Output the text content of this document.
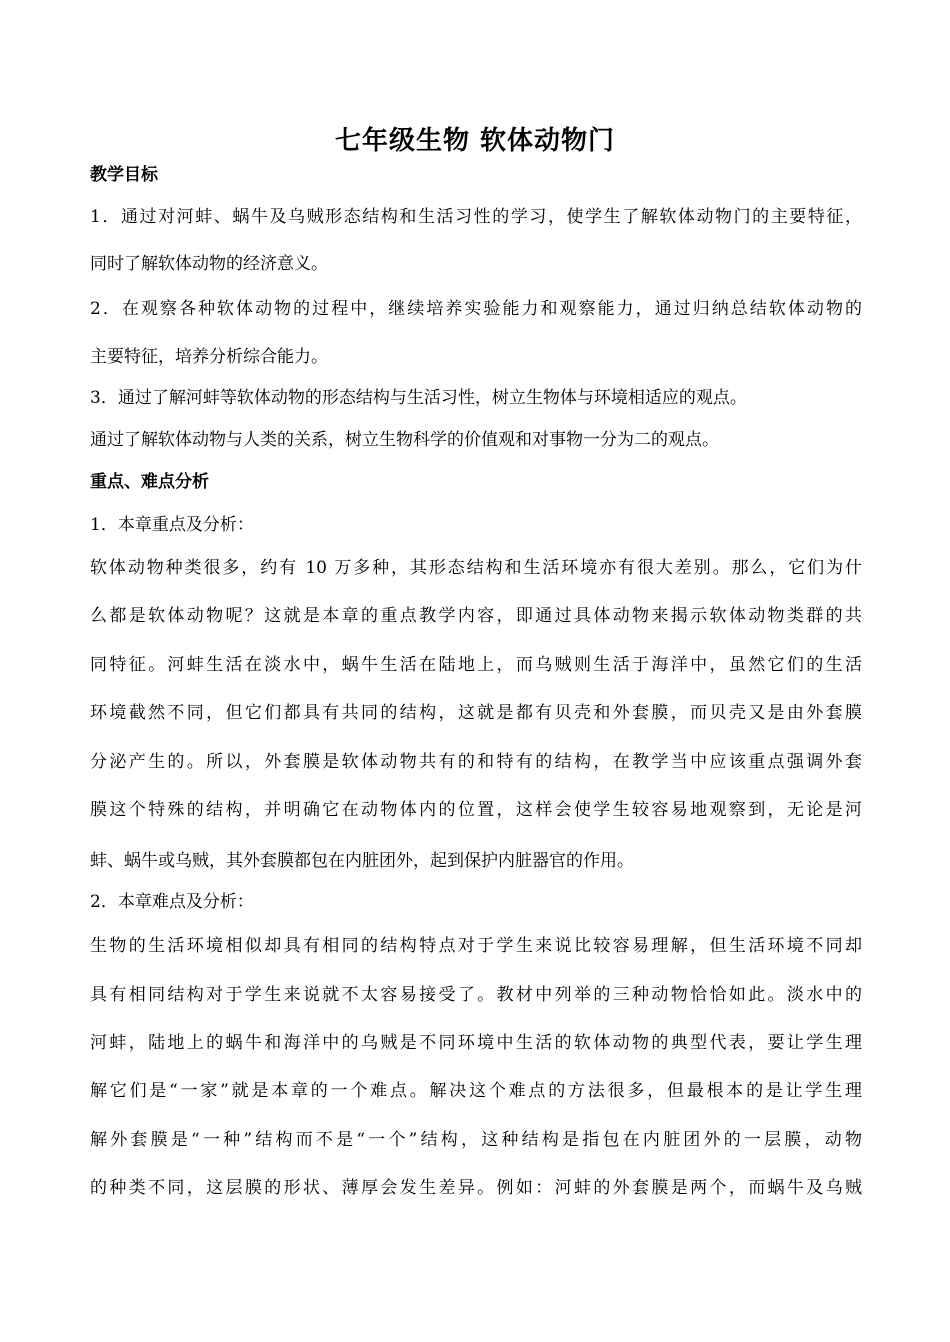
七年级生物 软体动物门
教学目标
1．通过对河蚌、蜗牛及乌贼形态结构和生活习性的学习，使学生了解软体动物门的主要特征，
同时了解软体动物的经济意义。
2．在观察各种软体动物的过程中，继续培养实验能力和观察能力，通过归纳总结软体动物的
主要特征，培养分析综合能力。
3．通过了解河蚌等软体动物的形态结构与生活习性，树立生物体与环境相适应的观点。
通过了解软体动物与人类的关系，树立生物科学的价值观和对事物一分为二的观点。
重点、难点分析
1．本章重点及分析：
软体动物种类很多，约有 10 万多种，其形态结构和生活环境亦有很大差别。那么，它们为什
么都是软体动物呢？这就是本章的重点教学内容，即通过具体动物来揭示软体动物类群的共
同特征。河蚌生活在淡水中，蜗牛生活在陆地上，而乌贼则生活于海洋中，虽然它们的生活
环境截然不同，但它们都具有共同的结构，这就是都有贝壳和外套膜，而贝壳又是由外套膜
分泌产生的。所以，外套膜是软体动物共有的和特有的结构，在教学当中应该重点强调外套
膜这个特殊的结构，并明确它在动物体内的位置，这样会使学生较容易地观察到，无论是河
蚌、蜗牛或乌贼，其外套膜都包在内脏团外，起到保护内脏器官的作用。
2．本章难点及分析：
生物的生活环境相似却具有相同的结构特点对于学生来说比较容易理解，但生活环境不同却
具有相同结构对于学生来说就不太容易接受了。教材中列举的三种动物恰恰如此。淡水中的
河蚌，陆地上的蜗牛和海洋中的乌贼是不同环境中生活的软体动物的典型代表，要让学生理
解它们是“一家”就是本章的一个难点。解决这个难点的方法很多，但最根本的是让学生理
解外套膜是“一种”结构而不是“一个”结构，这种结构是指包在内脏团外的一层膜，动物
的种类不同，这层膜的形状、薄厚会发生差异。例如：河蚌的外套膜是两个，而蜗牛及乌贼
